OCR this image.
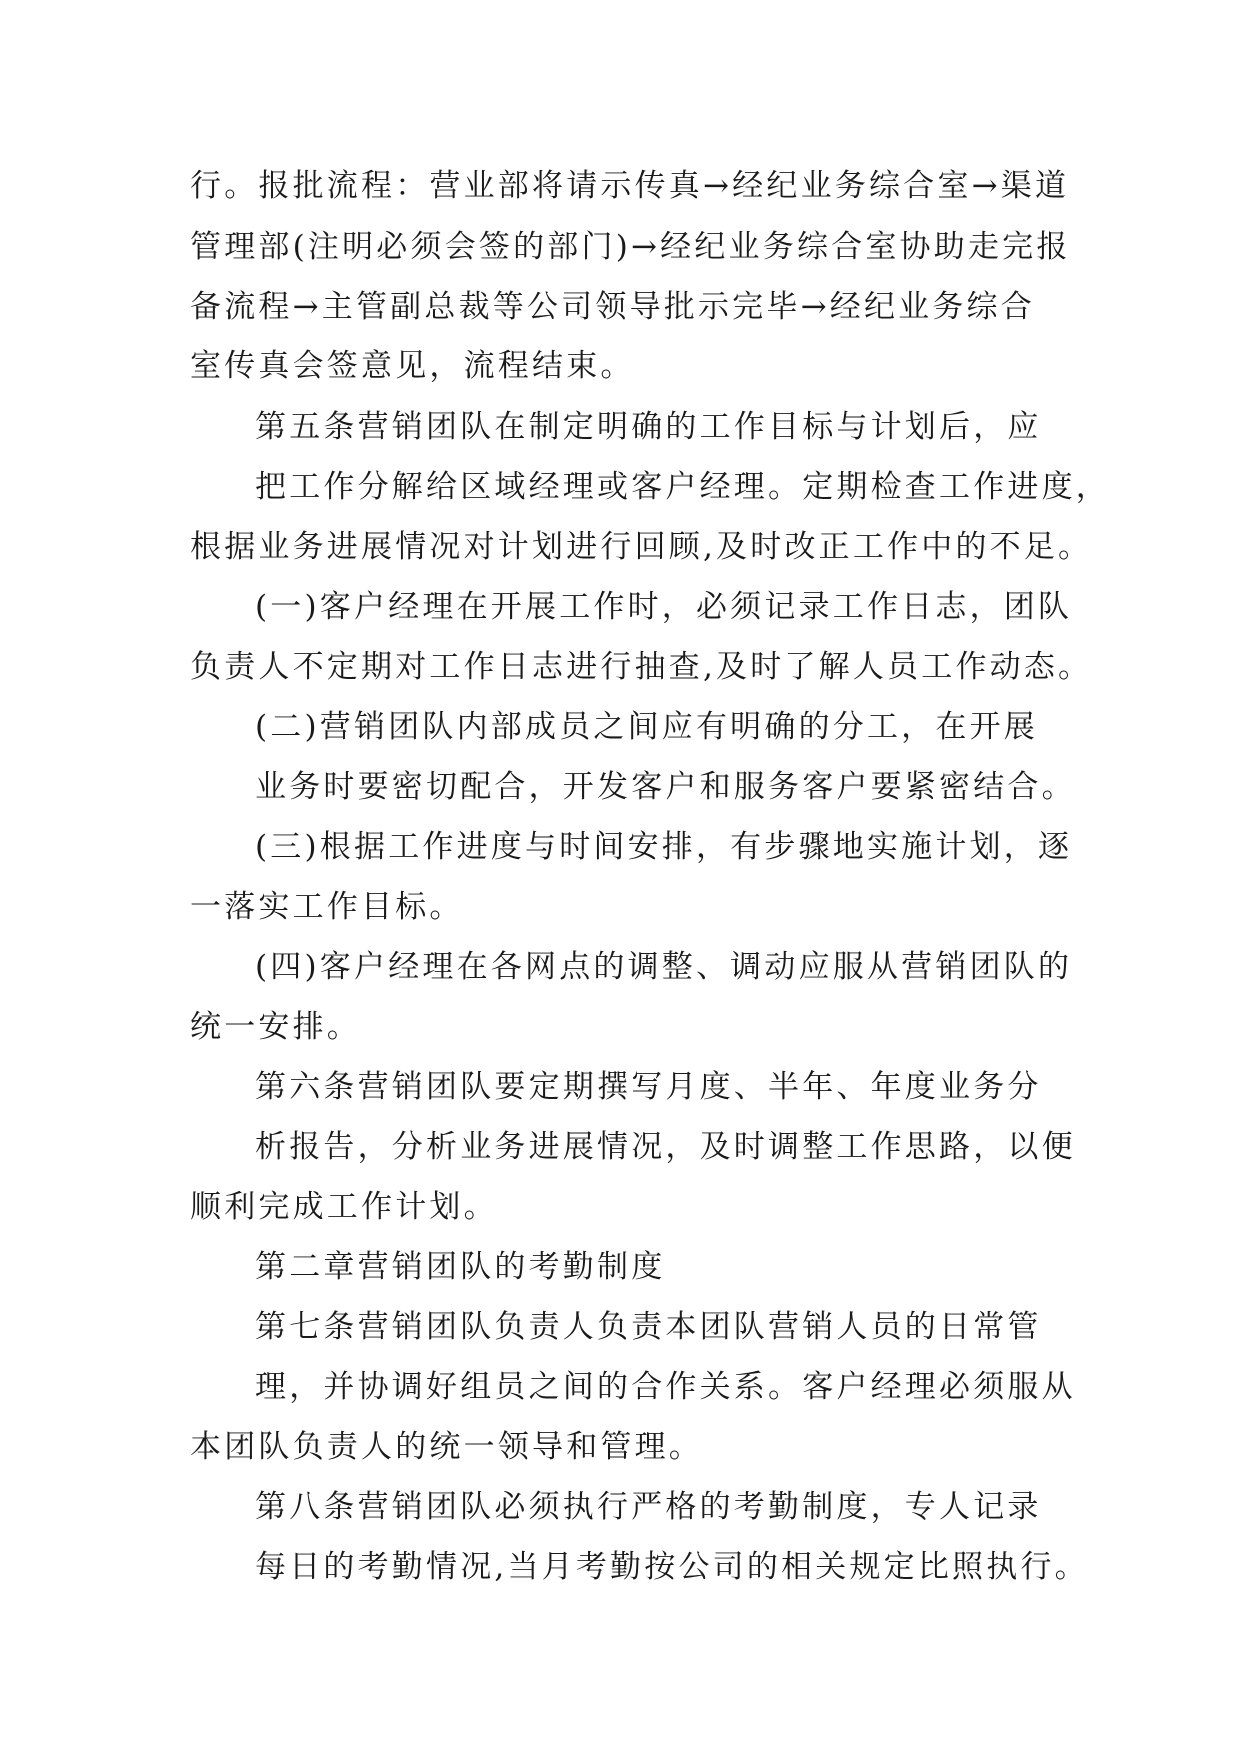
行。报批流程：营业部将请示传真→经纪业务综合室→渠道
管理部(注明必须会签的部门)→经纪业务综合室协助走完报
备流程→主管副总裁等公司领导批示完毕→经纪业务综合
室传真会签意见，流程结束。
第五条营销团队在制定明确的工作目标与计划后，应
把工作分解给区域经理或客户经理。定期检查工作进度，
根据业务进展情况对计划进行回顾,及时改正工作中的不足。
(一)客户经理在开展工作时，必须记录工作日志，团队
负责人不定期对工作日志进行抽查,及时了解人员工作动态。
(二)营销团队内部成员之间应有明确的分工，在开展
业务时要密切配合，开发客户和服务客户要紧密结合。
(三)根据工作进度与时间安排，有步骤地实施计划，逐
一落实工作目标。
(四)客户经理在各网点的调整、调动应服从营销团队的
统一安排。
第六条营销团队要定期撰写月度、半年、年度业务分
析报告，分析业务进展情况，及时调整工作思路，以便
顺利完成工作计划。
第二章营销团队的考勤制度
第七条营销团队负责人负责本团队营销人员的日常管
理，并协调好组员之间的合作关系。客户经理必须服从
本团队负责人的统一领导和管理。
第八条营销团队必须执行严格的考勤制度，专人记录
每日的考勤情况,当月考勤按公司的相关规定比照执行。
